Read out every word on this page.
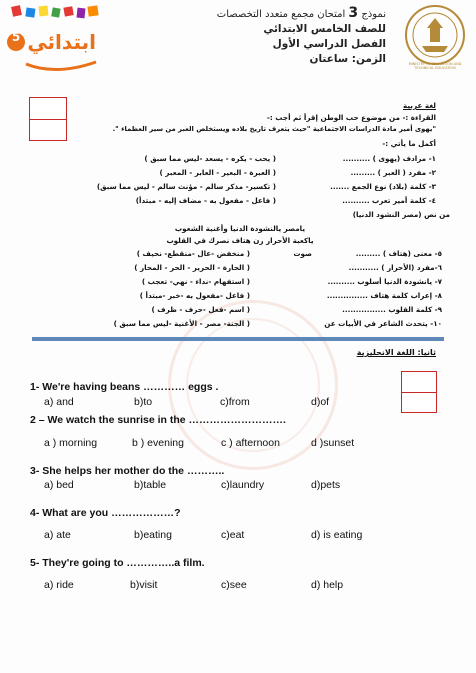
5 ابتدائي
نموذج 3 امتحان مجمع متعدد التخصصات
للصف الخامس الابتدائي
الفصل الدراسي الأول
الزمن: ساعتان	MINISTRY OF EDUCATION AND TECHNICAL EDUCATION
لغة عربية
القراءة :- من موضوع حب الوطن إقرأ ثم أجب :-
"يهوى أمير مادة الدراسات الاجتماعية "حيث يتعرف تاريخ بلاده ويستخلص العبر من سير العظماء ".
أكمل ما يأتي :-
١- مرادف (يهوى ) ..........
( يحب - يكره - يسعد -ليس مما سبق )
٢- مفرد ( العبر ) .........
( العبرة - البعير - العابر - المعبر )
٣- كلمة (بلاد) نوع الجمع .......
( تكسير- مذكر سالم - مؤنث سالم - ليس مما سبق)
٤- كلمة أمير تعرب ..........
( فاعل - مفعول به - مضاف إليه - مبتدأ)
من نص (مصر النشود الدنيا)
يامصر يالنشودة الدنيا وأغنية الشعوب
ياكعبة الأحرار رن هتاف نصرك في القلوب
٥- معنى (هتاف ) .........
صوت
( منخفض -عال -منقطع- نحيف )
٦-مفرد (الأحرار ) ...........
( الحارة - الحرير - الحر - المحار )
٧- يانشودة الدنيا أسلوب ..........
( استفهام -نداء - نهي- تعجب )
٨- إعراب كلمة هتاف ...............
( فاعل -مفعول به -خبر -مبتدأ )
٩- كلمة القلوب ................
( اسم -فعل -حرف - ظرف )
١٠- يتحدث الشاعر في الأبيات عن
( الجنة- مصر - الأغنية -ليس مما سبق )
ثانيا: اللغة الانجليزية
1- We're having beans ………… eggs .
a) and	b)to	c)from	d)of
2 – We watch the sunrise in the ……………………….
a ) morning	b ) evening	c ) afternoon	d )sunset
3- She helps her mother do the ………..
a) bed	b)table	c)laundry	d)pets
4- What are you ………………?
a) ate	b)eating	c)eat	d) is eating
5- They're going to …………..a film.
a) ride	b)visit	c)see	d) help
